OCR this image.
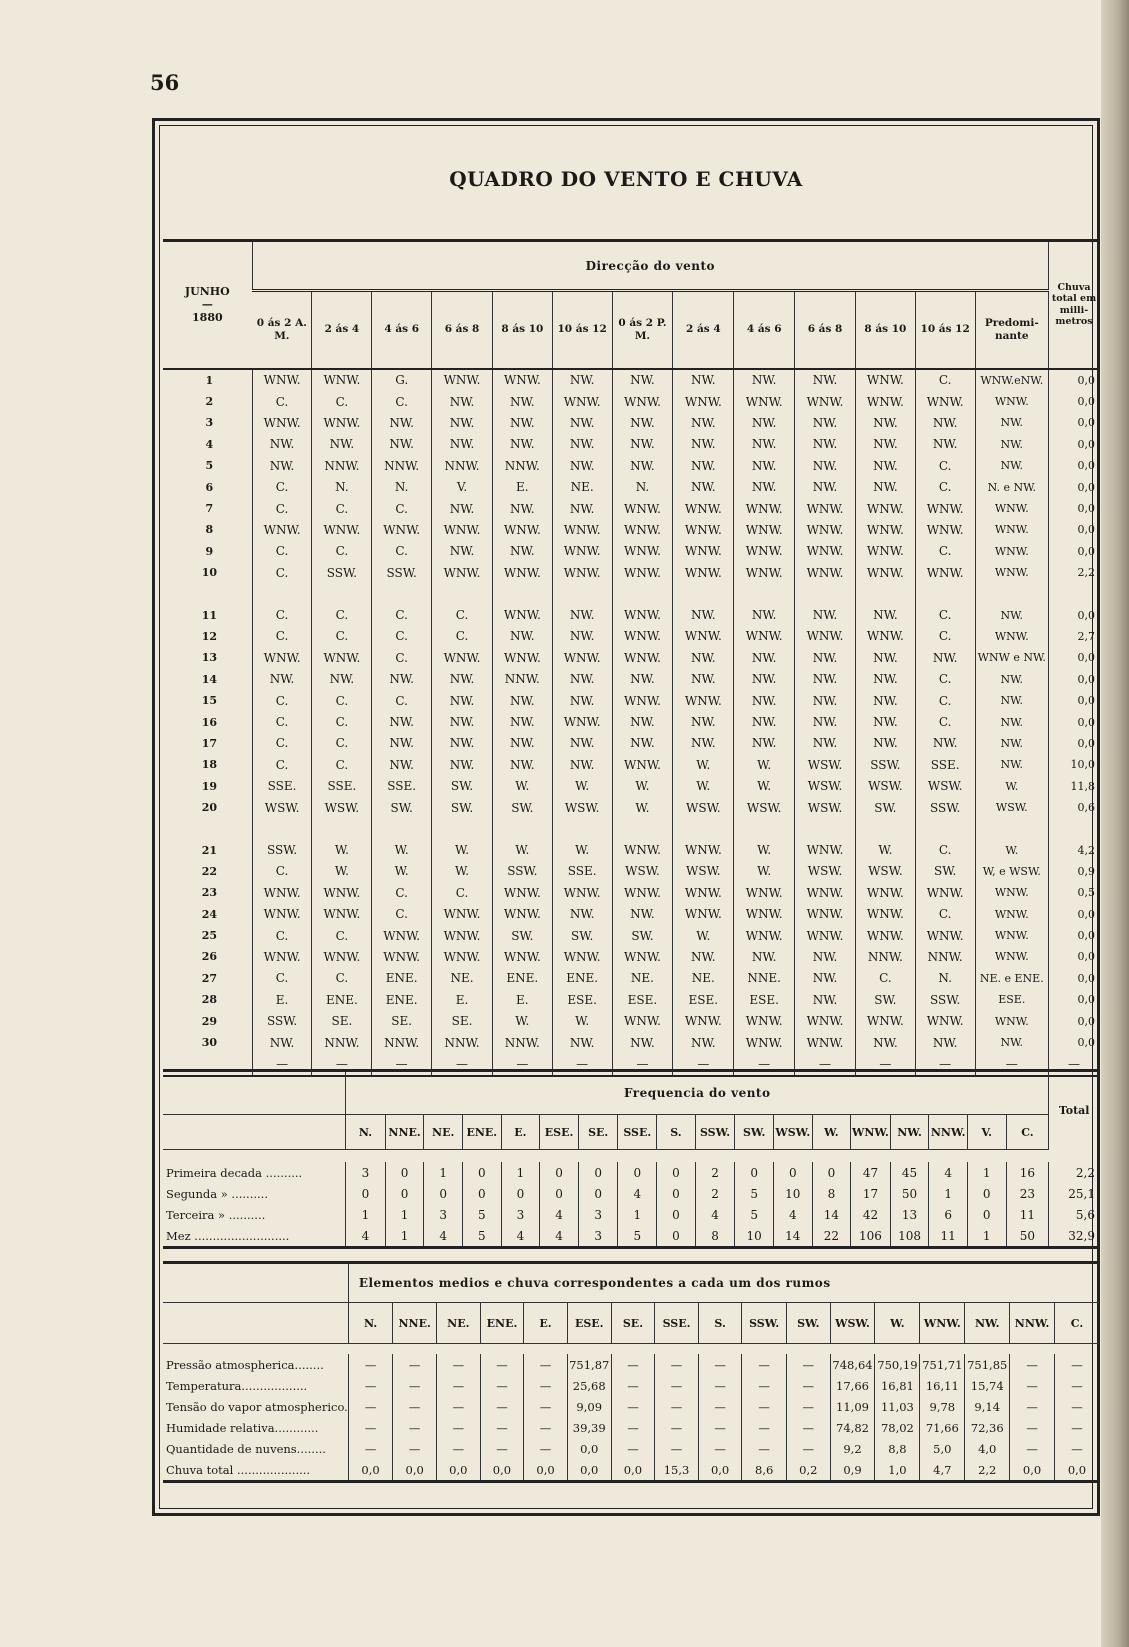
56
QUADRO DO VENTO E CHUVA
JUNHO
—
1880	Direcção do vento													Chuva total em milli- metros
	0 ás 2 A. M.	2 ás 4	4 ás 6	6 ás 8	8 ás 10	10 ás 12	0 ás 2 P. M.	2 ás 4	4 ás 6	6 ás 8	8 ás 10	10 ás 12	Predomi- nante	
1	WNW.	WNW.	G.	WNW.	WNW.	NW.	NW.	NW.	NW.	NW.	WNW.	C.	WNW.eNW.	0,0
2	C.	C.	C.	NW.	NW.	WNW.	WNW.	WNW.	WNW.	WNW.	WNW.	WNW.	WNW.	0,0
3	WNW.	WNW.	NW.	NW.	NW.	NW.	NW.	NW.	NW.	NW.	NW.	NW.	NW.	0,0
4	NW.	NW.	NW.	NW.	NW.	NW.	NW.	NW.	NW.	NW.	NW.	NW.	NW.	0,0
5	NW.	NNW.	NNW.	NNW.	NNW.	NW.	NW.	NW.	NW.	NW.	NW.	C.	NW.	0,0
6	C.	N.	N.	V.	E.	NE.	N.	NW.	NW.	NW.	NW.	C.	N. e NW.	0,0
7	C.	C.	C.	NW.	NW.	NW.	WNW.	WNW.	WNW.	WNW.	WNW.	WNW.	WNW.	0,0
8	WNW.	WNW.	WNW.	WNW.	WNW.	WNW.	WNW.	WNW.	WNW.	WNW.	WNW.	WNW.	WNW.	0,0
9	C.	C.	C.	NW.	NW.	WNW.	WNW.	WNW.	WNW.	WNW.	WNW.	C.	WNW.	0,0
10	C.	SSW.	SSW.	WNW.	WNW.	WNW.	WNW.	WNW.	WNW.	WNW.	WNW.	WNW.	WNW.	2,2

11	C.	C.	C.	C.	WNW.	NW.	WNW.	NW.	NW.	NW.	NW.	C.	NW.	0,0
12	C.	C.	C.	C.	NW.	NW.	WNW.	WNW.	WNW.	WNW.	WNW.	C.	WNW.	2,7
13	WNW.	WNW.	C.	WNW.	WNW.	WNW.	WNW.	NW.	NW.	NW.	NW.	NW.	WNW e NW.	0,0
14	NW.	NW.	NW.	NW.	NNW.	NW.	NW.	NW.	NW.	NW.	NW.	C.	NW.	0,0
15	C.	C.	C.	NW.	NW.	NW.	WNW.	WNW.	NW.	NW.	NW.	C.	NW.	0,0
16	C.	C.	NW.	NW.	NW.	WNW.	NW.	NW.	NW.	NW.	NW.	C.	NW.	0,0
17	C.	C.	NW.	NW.	NW.	NW.	NW.	NW.	NW.	NW.	NW.	NW.	NW.	0,0
18	C.	C.	NW.	NW.	NW.	NW.	WNW.	W.	W.	WSW.	SSW.	SSE.	NW.	10,0
19	SSE.	SSE.	SSE.	SW.	W.	W.	W.	W.	W.	WSW.	WSW.	WSW.	W.	11,8
20	WSW.	WSW.	SW.	SW.	SW.	WSW.	W.	WSW.	WSW.	WSW.	SW.	SSW.	WSW.	0,6

21	SSW.	W.	W.	W.	W.	W.	WNW.	WNW.	W.	WNW.	W.	C.	W.	4,2
22	C.	W.	W.	W.	SSW.	SSE.	WSW.	WSW.	W.	WSW.	WSW.	SW.	W, e WSW.	0,9
23	WNW.	WNW.	C.	C.	WNW.	WNW.	WNW.	WNW.	WNW.	WNW.	WNW.	WNW.	WNW.	0,5
24	WNW.	WNW.	C.	WNW.	WNW.	NW.	NW.	WNW.	WNW.	WNW.	WNW.	C.	WNW.	0,0
25	C.	C.	WNW.	WNW.	SW.	SW.	SW.	W.	WNW.	WNW.	WNW.	WNW.	WNW.	0,0
26	WNW.	WNW.	WNW.	WNW.	WNW.	WNW.	WNW.	NW.	NW.	NW.	NNW.	NNW.	WNW.	0,0
27	C.	C.	ENE.	NE.	ENE.	ENE.	NE.	NE.	NNE.	NW.	C.	N.	NE. e ENE.	0,0
28	E.	ENE.	ENE.	E.	E.	ESE.	ESE.	ESE.	ESE.	NW.	SW.	SSW.	ESE.	0,0
29	SSW.	SE.	SE.	SE.	W.	W.	WNW.	WNW.	WNW.	WNW.	WNW.	WNW.	WNW.	0,0
30	NW.	NNW.	NNW.	NNW.	NNW.	NW.	NW.	NW.	WNW.	WNW.	NW.	NW.	NW.	0,0
	—	—	—	—	—	—	—	—	—	—	—	—	—	—
	Frequencia do vento																		Total
	N.	NNE.	NE.	ENE.	E.	ESE.	SE.	SSE.	S.	SSW.	SW.	WSW.	W.	WNW.	NW.	NNW.	V.	C.	

Primeira decada ..........	3	0	1	0	1	0	0	0	0	2	0	0	0	47	45	4	1	16	2,2
Segunda » ..........	0	0	0	0	0	0	0	4	0	2	5	10	8	17	50	1	0	23	25,1
Terceira » ..........	1	1	3	5	3	4	3	1	0	4	5	4	14	42	13	6	0	11	5,6
Mez ..........................	4	1	4	5	4	4	3	5	0	8	10	14	22	106	108	11	1	50	32,9
	Elementos medios e chuva correspondentes a cada um dos rumos																
	N.	NNE.	NE.	ENE.	E.	ESE.	SE.	SSE.	S.	SSW.	SW.	WSW.	W.	WNW.	NW.	NNW.	C.

Pressão atmospherica........	—	—	—	—	—	751,87	—	—	—	—	—	748,64	750,19	751,71	751,85	—	—
Temperatura..................	—	—	—	—	—	25,68	—	—	—	—	—	17,66	16,81	16,11	15,74	—	—
Tensão do vapor atmospherico.	—	—	—	—	—	9,09	—	—	—	—	—	11,09	11,03	9,78	9,14	—	—
Humidade relativa............	—	—	—	—	—	39,39	—	—	—	—	—	74,82	78,02	71,66	72,36	—	—
Quantidade de nuvens........	—	—	—	—	—	0,0	—	—	—	—	—	9,2	8,8	5,0	4,0	—	—
Chuva total ....................	0,0	0,0	0,0	0,0	0,0	0,0	0,0	15,3	0,0	8,6	0,2	0,9	1,0	4,7	2,2	0,0	0,0
